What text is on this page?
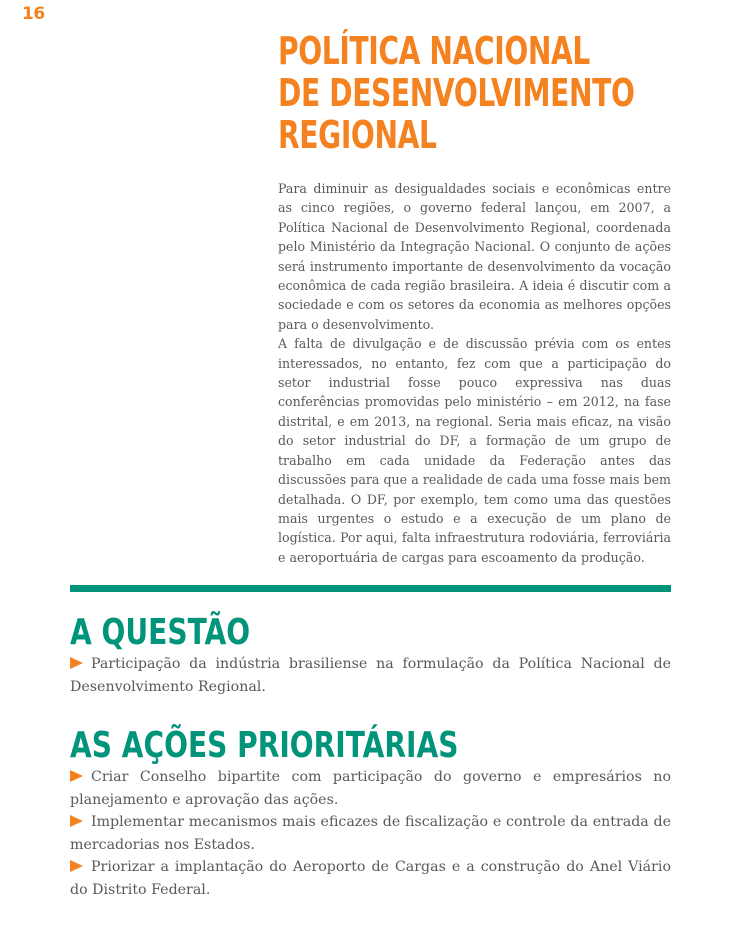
16
POLÍTICA NACIONAL
DE DESENVOLVIMENTO
REGIONAL

Para diminuir as desigualdades sociais e econômicas entre as cinco regiões, o governo federal lançou, em 2007, a Política Nacional de Desenvolvimento Regional, coordenada pelo Ministério da Integração Nacional. O conjunto de ações será instrumento importante de desenvolvimento da vocação econômica de cada região brasileira. A ideia é discutir com a sociedade e com os setores da economia as melhores opções para o desenvolvimento.

A falta de divulgação e de discussão prévia com os entes interessados, no entanto, fez com que a participação do setor industrial fosse pouco expressiva nas duas conferências promovidas pelo ministério – em 2012, na fase distrital, e em 2013, na regional. Seria mais eficaz, na visão do setor industrial do DF, a formação de um grupo de trabalho em cada unidade da Federação antes das discussões para que a realidade de cada uma fosse mais bem detalhada. O DF, por exemplo, tem como uma das questões mais urgentes o estudo e a execução de um plano de logística. Por aqui, falta infraestrutura rodoviária, ferroviária e aeroportuária de cargas para escoamento da produção.

A QUESTÃO

Participação da indústria brasiliense na formulação da Política Nacional de Desenvolvimento Regional.

AS AÇÕES PRIORITÁRIAS

Criar Conselho bipartite com participação do governo e empresários no planejamento e aprovação das ações.

Implementar mecanismos mais eficazes de fiscalização e controle da entrada de mercadorias nos Estados.

Priorizar a implantação do Aeroporto de Cargas e a construção do Anel Viário do Distrito Federal.
